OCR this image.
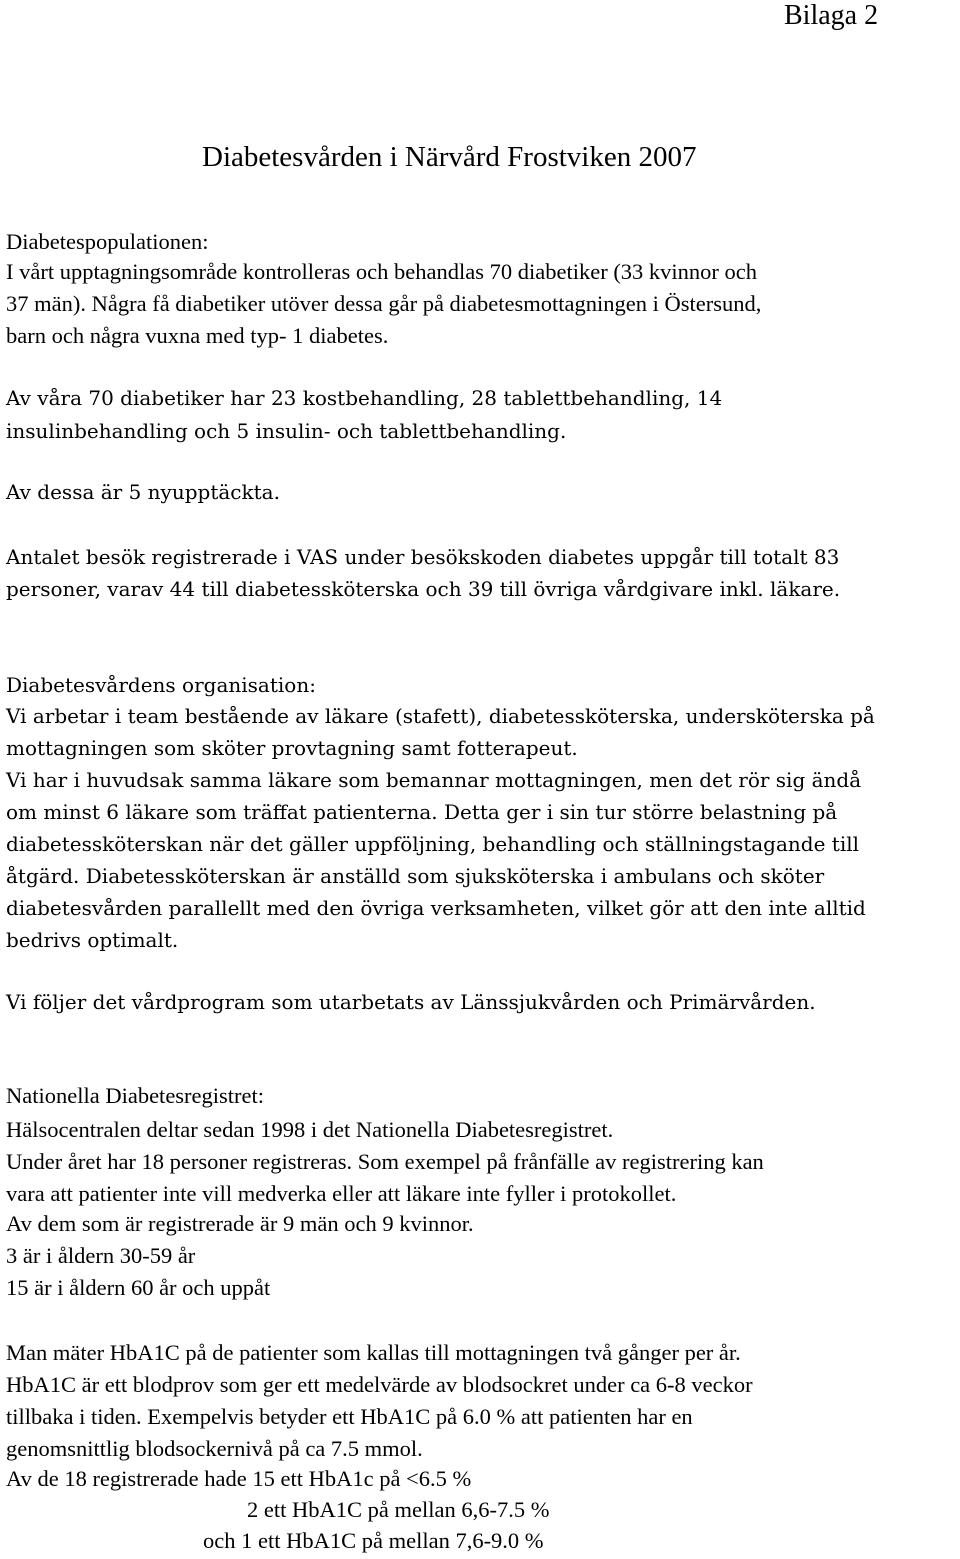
Bilaga 2
Diabetesvården i Närvård Frostviken 2007
Diabetespopulationen:
I vårt upptagningsområde kontrolleras och behandlas 70 diabetiker (33 kvinnor och
37 män). Några få diabetiker utöver dessa går på diabetesmottagningen i Östersund,
barn och några vuxna med typ- 1 diabetes.
Av våra 70 diabetiker har 23 kostbehandling, 28 tablettbehandling, 14
insulinbehandling och 5 insulin- och tablettbehandling.
Av dessa är 5 nyupptäckta.
Antalet besök registrerade i VAS under besökskoden diabetes uppgår till totalt 83
personer, varav 44 till diabetessköterska och 39 till övriga vårdgivare inkl. läkare.
Diabetesvårdens organisation:
Vi arbetar i team bestående av läkare (stafett), diabetessköterska, undersköterska på
mottagningen som sköter provtagning samt fotterapeut.
Vi har i huvudsak samma läkare som bemannar mottagningen, men det rör sig ändå
om minst 6 läkare som träffat patienterna. Detta ger i sin tur större belastning på
diabetessköterskan när det gäller uppföljning, behandling och ställningstagande till
åtgärd. Diabetessköterskan är anställd som sjuksköterska i ambulans och sköter
diabetesvården parallellt med den övriga verksamheten, vilket gör att den inte alltid
bedrivs optimalt.
Vi följer det vårdprogram som utarbetats av Länssjukvården och Primärvården.
Nationella Diabetesregistret:
Hälsocentralen deltar sedan 1998 i det Nationella Diabetesregistret.
Under året har 18 personer registreras. Som exempel på frånfälle av registrering kan
vara att patienter inte vill medverka eller att läkare inte fyller i protokollet.
Av dem som är registrerade är 9 män och 9 kvinnor.
3 är i åldern 30-59 år
15 är i åldern 60 år och uppåt
Man mäter HbA1C på de patienter som kallas till mottagningen två gånger per år.
HbA1C är ett blodprov som ger ett medelvärde av blodsockret under ca 6-8 veckor
tillbaka i tiden. Exempelvis betyder ett HbA1C på 6.0 % att patienten har en
genomsnittlig blodsockernivå på ca 7.5 mmol.
Av de 18 registrerade hade 15 ett HbA1c på <6.5 %
2 ett HbA1C på mellan 6,6-7.5 %
och 1 ett HbA1C på mellan 7,6-9.0 %
